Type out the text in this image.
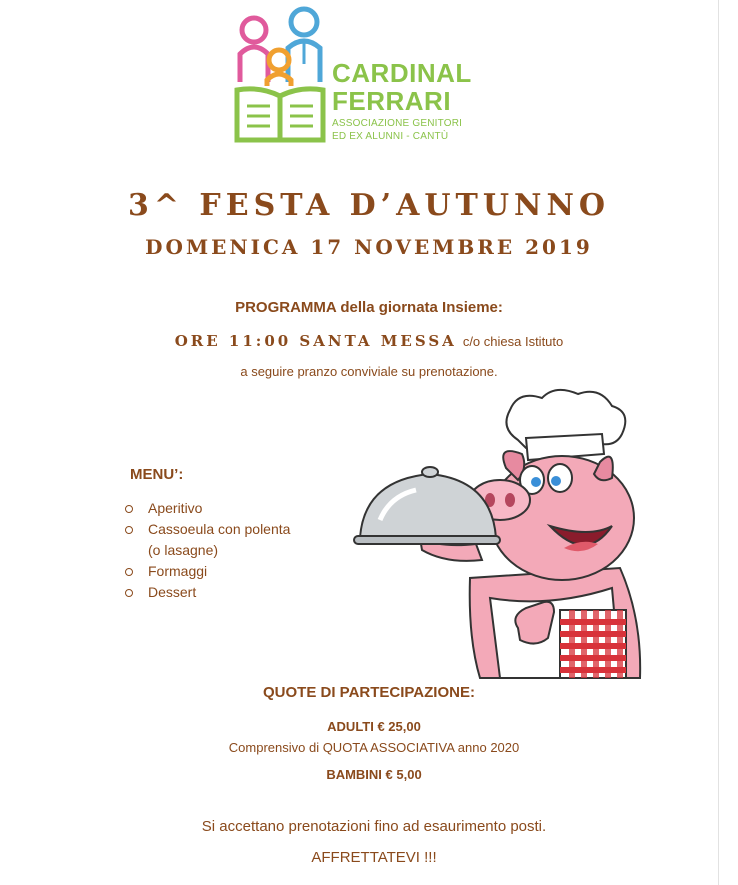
CARDINAL
FERRARI
ASSOCIAZIONE GENITORI
ED EX ALUNNI - CANTÙ
3^ FESTA D’AUTUNNO
DOMENICA 17 NOVEMBRE 2019
PROGRAMMA della giornata Insieme:
ORE 11:00 SANTA MESSA c/o chiesa Istituto
a seguire pranzo conviviale su prenotazione.
MENU’:
Aperitivo
Cassoeula con polenta
(o lasagne)
Formaggi
Dessert
QUOTE DI PARTECIPAZIONE:
ADULTI € 25,00
Comprensivo di QUOTA ASSOCIATIVA anno 2020
BAMBINI € 5,00
Si accettano prenotazioni fino ad esaurimento posti.
AFFRETTATEVI !!!
